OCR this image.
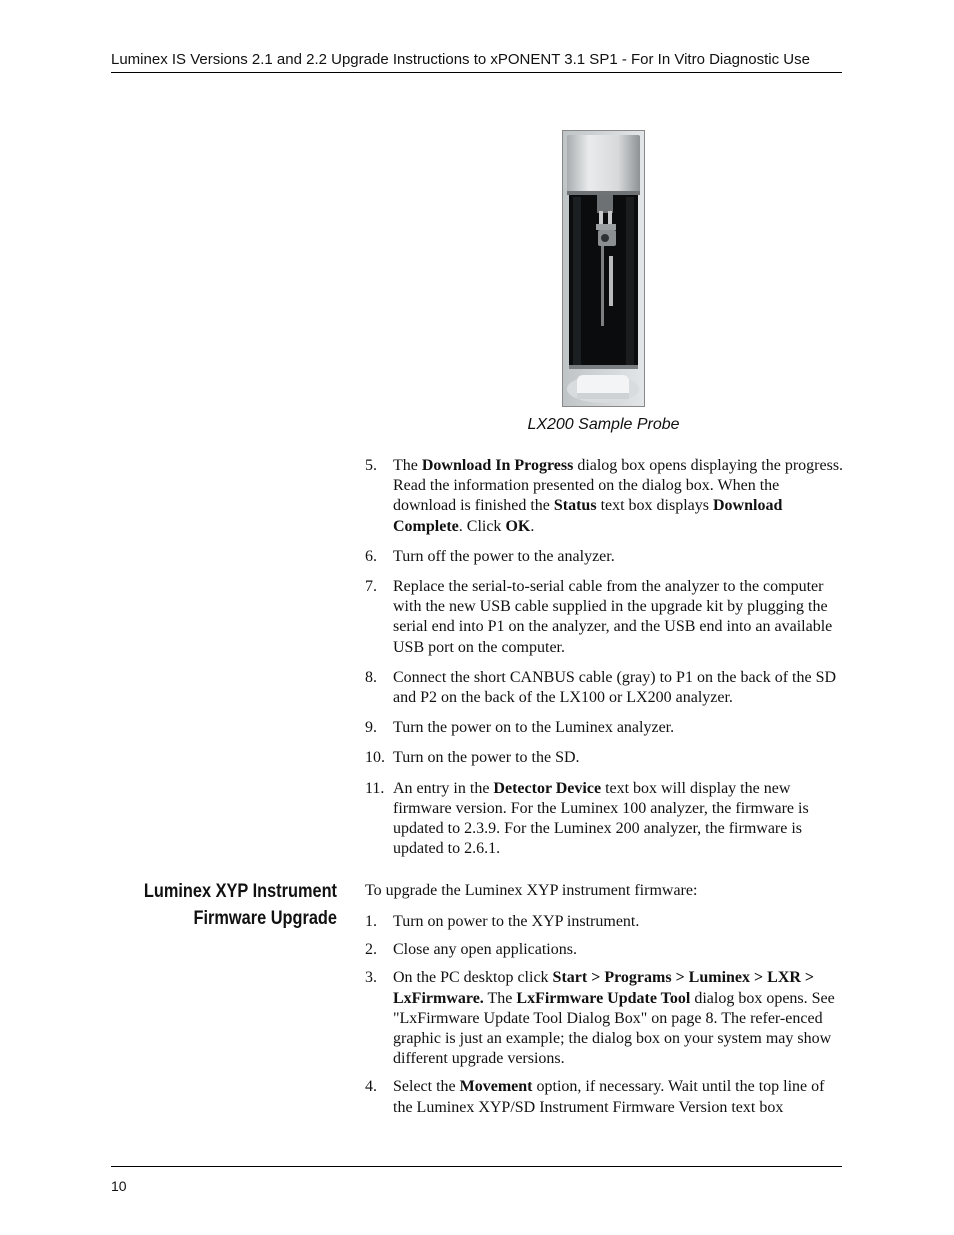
Luminex IS Versions 2.1 and 2.2 Upgrade Instructions to xPONENT 3.1 SP1 - For In Vitro Diagnostic Use
LX200 Sample Probe
5. The Download In Progress dialog box opens displaying the progress. Read the information presented on the dialog box. When the download is finished the Status text box displays Download Complete. Click OK.
6. Turn off the power to the analyzer.
7. Replace the serial-to-serial cable from the analyzer to the computer with the new USB cable supplied in the upgrade kit by plugging the serial end into P1 on the analyzer, and the USB end into an available USB port on the computer.
8. Connect the short CANBUS cable (gray) to P1 on the back of the SD and P2 on the back of the LX100 or LX200 analyzer.
9. Turn the power on to the Luminex analyzer.
10. Turn on the power to the SD.
11. An entry in the Detector Device text box will display the new firmware version. For the Luminex 100 analyzer, the firmware is updated to 2.3.9. For the Luminex 200 analyzer, the firmware is updated to 2.6.1.
Luminex XYP Instrument
Firmware Upgrade
To upgrade the Luminex XYP instrument firmware:
1. Turn on power to the XYP instrument.
2. Close any open applications.
3. On the PC desktop click Start > Programs > Luminex > LXR > LxFirmware. The LxFirmware Update Tool dialog box opens. See "LxFirmware Update Tool Dialog Box" on page 8. The refer-enced graphic is just an example; the dialog box on your system may show different upgrade versions.
4. Select the Movement option, if necessary. Wait until the top line of the Luminex XYP/SD Instrument Firmware Version text box
10
